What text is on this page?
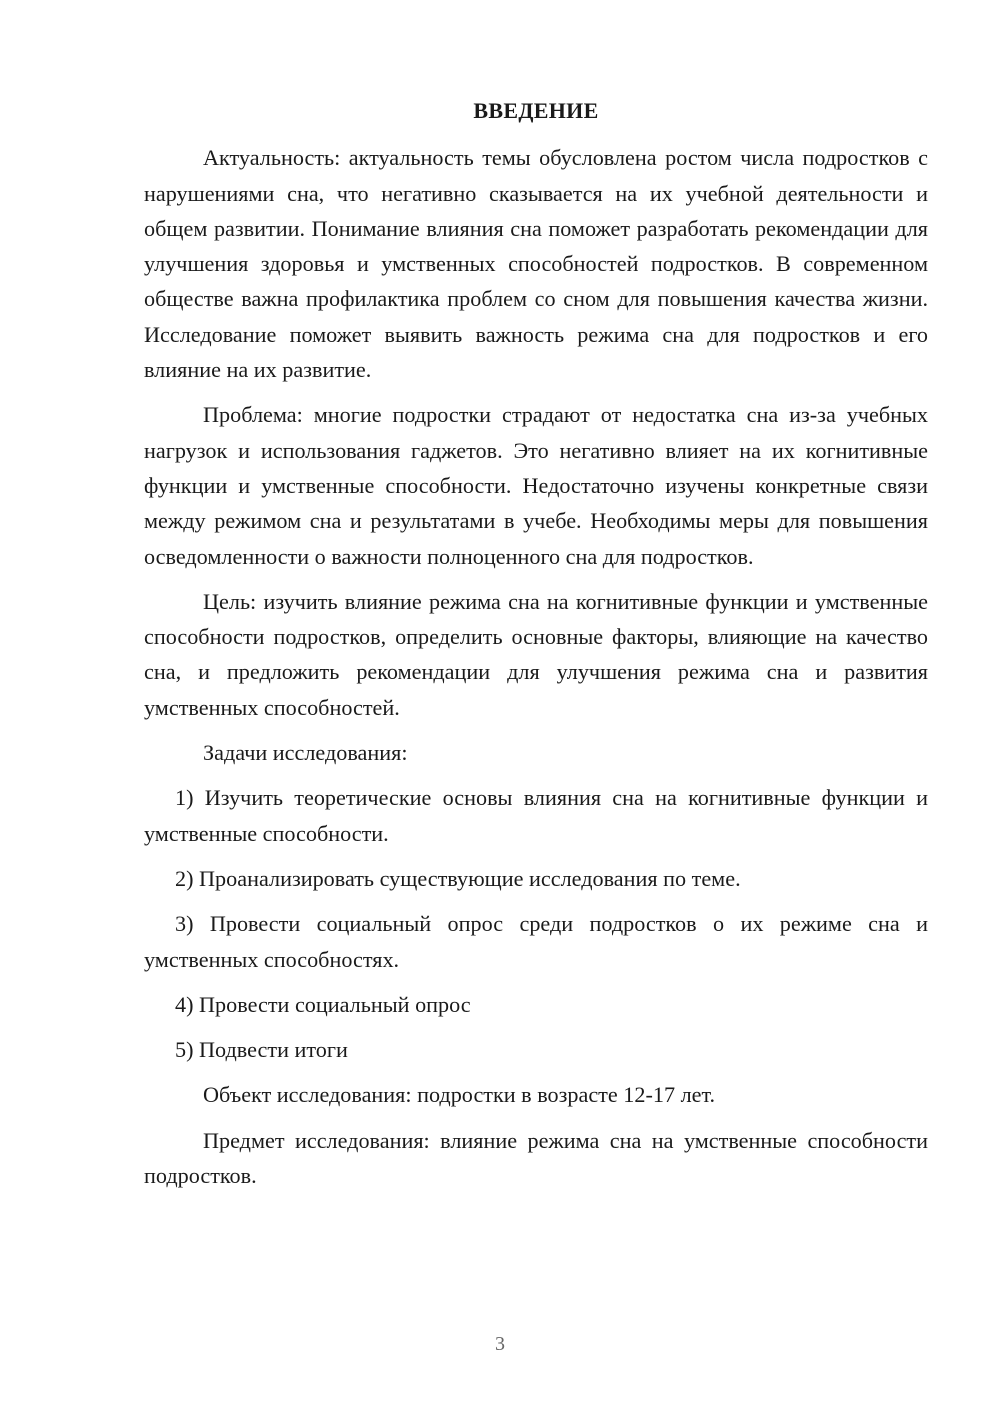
ВВЕДЕНИЕ

Актуальность: актуальность темы обусловлена ростом числа подростков с нарушениями сна, что негативно сказывается на их учебной деятельности и общем развитии. Понимание влияния сна поможет разработать рекомендации для улучшения здоровья и умственных способностей подростков. В современном обществе важна профилактика проблем со сном для повышения качества жизни. Исследование поможет выявить важность режима сна для подростков и его влияние на их развитие.

Проблема: многие подростки страдают от недостатка сна из-за учебных нагрузок и использования гаджетов. Это негативно влияет на их когнитивные функции и умственные способности. Недостаточно изучены конкретные связи между режимом сна и результатами в учебе. Необходимы меры для повышения осведомленности о важности полноценного сна для подростков.

Цель: изучить влияние режима сна на когнитивные функции и умственные способности подростков, определить основные факторы, влияющие на качество сна, и предложить рекомендации для улучшения режима сна и развития умственных способностей.

Задачи исследования:

1) Изучить теоретические основы влияния сна на когнитивные функции и умственные способности.

2) Проанализировать существующие исследования по теме.

3) Провести социальный опрос среди подростков о их режиме сна и умственных способностях.

4) Провести социальный опрос

5) Подвести итоги

Объект исследования: подростки в возрасте 12-17 лет.

Предмет исследования: влияние режима сна на умственные способности подростков.

3
